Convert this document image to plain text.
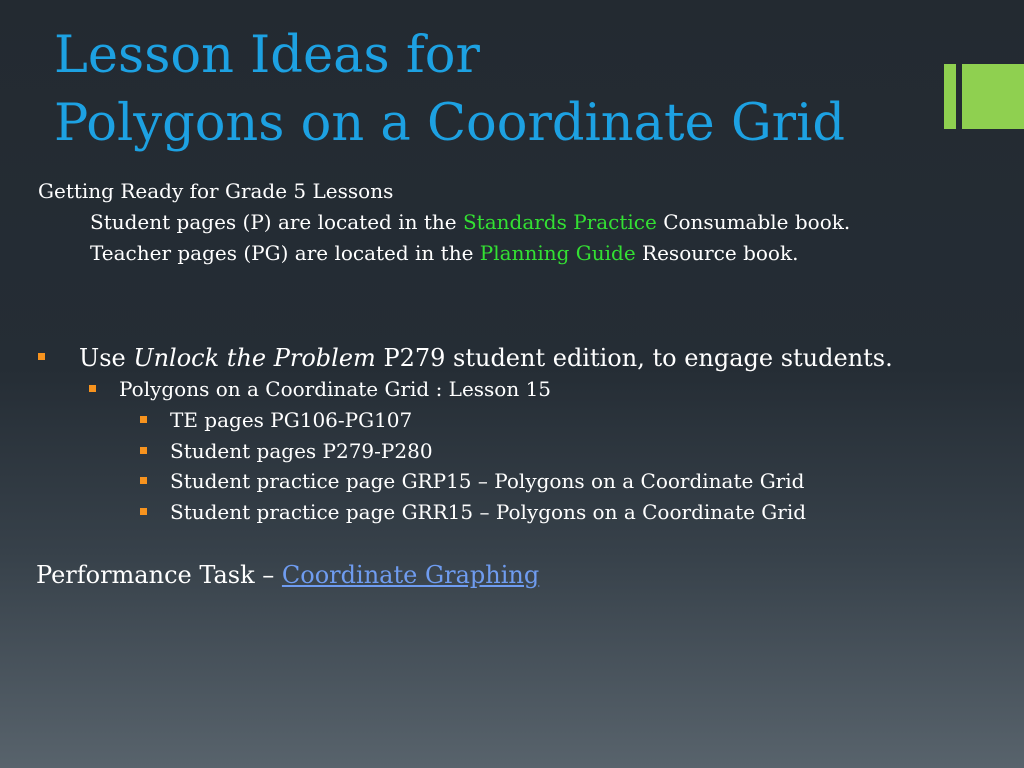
Lesson Ideas for
Polygons on a Coordinate Grid
Getting Ready for Grade 5 Lessons
Student pages (P) are located in the Standards Practice Consumable book.
Teacher pages (PG) are located in the Planning Guide Resource book.
Use Unlock the Problem P279 student edition, to engage students.
Polygons on a Coordinate Grid : Lesson 15
TE pages PG106-PG107
Student pages P279-P280
Student practice page GRP15 – Polygons on a Coordinate Grid
Student practice page GRR15 – Polygons on a Coordinate Grid
Performance Task – Coordinate Graphing
